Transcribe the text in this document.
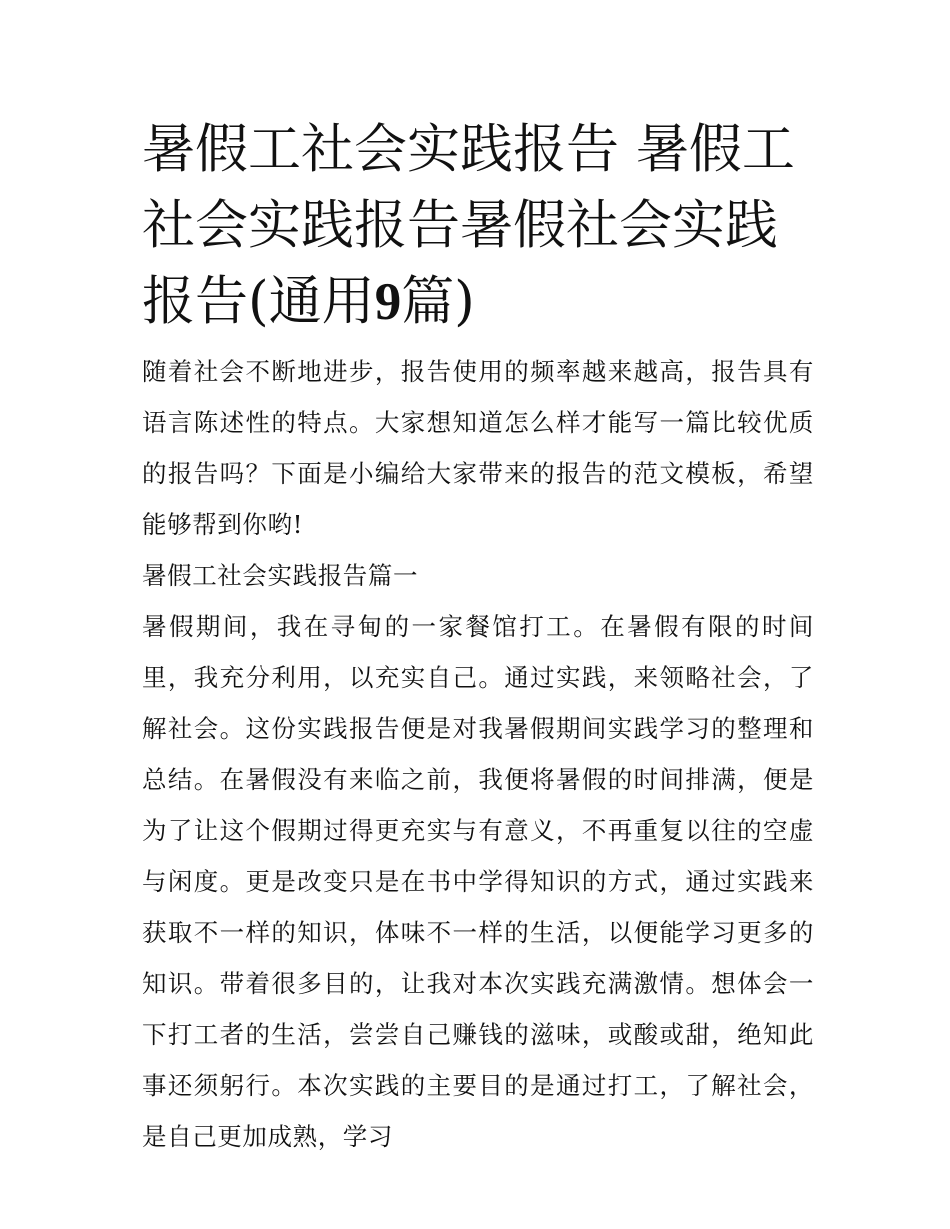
暑假工社会实践报告 暑假工社会实践报告暑假社会实践报告(通用9篇)

随着社会不断地进步，报告使用的频率越来越高，报告具有语言陈述性的特点。大家想知道怎么样才能写一篇比较优质的报告吗？下面是小编给大家带来的报告的范文模板，希望能够帮到你哟!

暑假工社会实践报告篇一

暑假期间，我在寻甸的一家餐馆打工。在暑假有限的时间里，我充分利用，以充实自己。通过实践，来领略社会，了解社会。这份实践报告便是对我暑假期间实践学习的整理和总结。在暑假没有来临之前，我便将暑假的时间排满，便是为了让这个假期过得更充实与有意义，不再重复以往的空虚与闲度。更是改变只是在书中学得知识的方式，通过实践来获取不一样的知识，体味不一样的生活，以便能学习更多的知识。带着很多目的，让我对本次实践充满激情。想体会一下打工者的生活，尝尝自己赚钱的滋味，或酸或甜，绝知此事还须躬行。本次实践的主要目的是通过打工，了解社会，是自己更加成熟，学习
